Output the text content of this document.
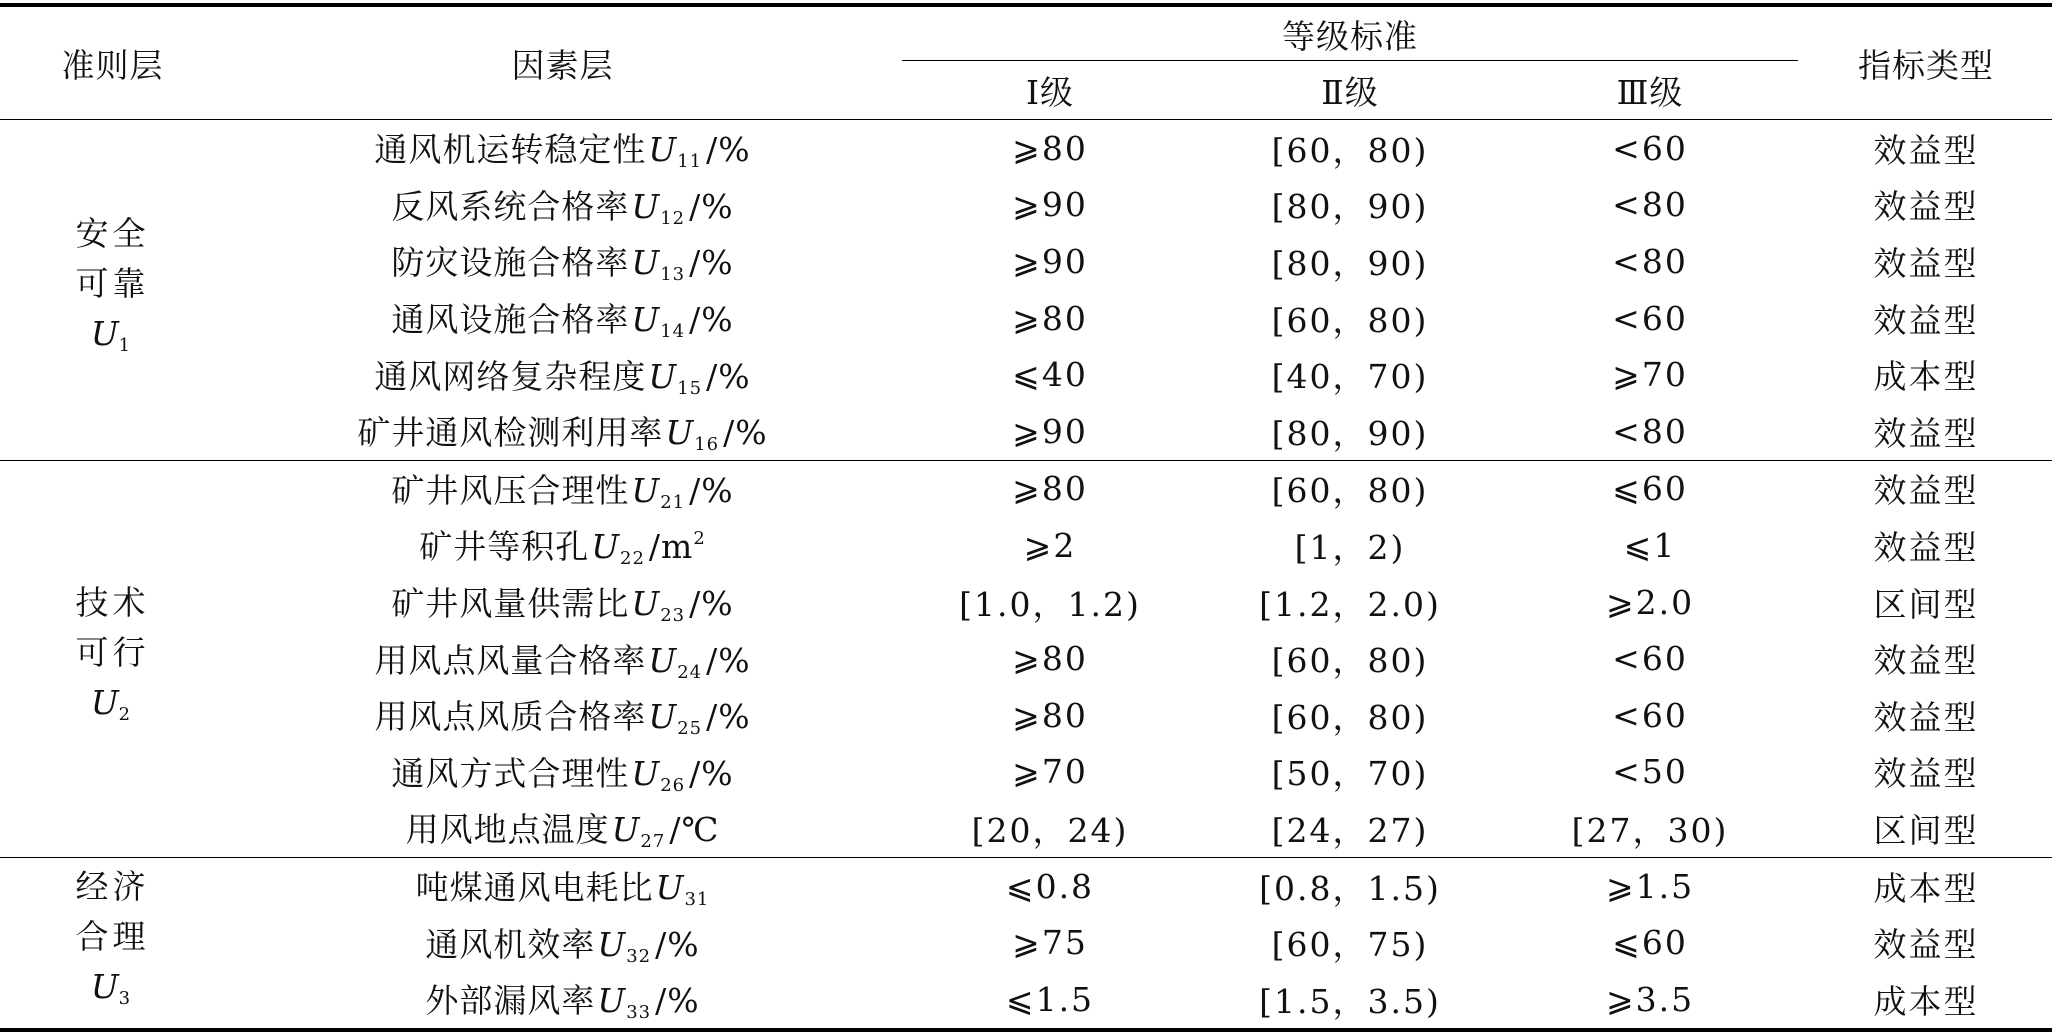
准则层	因素层	等级标准			指标类型
		Ⅰ级	Ⅱ级	Ⅲ级	

安全
可靠
U1	通风机运转稳定性$U_{11}$ /%	⩾80	[60，80)	<60	效益型
	反风系统合格率$U_{12}$ /%	⩾90	[80，90)	<80	效益型
	防灾设施合格率$U_{13}$ /%	⩾90	[80，90)	<80	效益型
	通风设施合格率$U_{14}$ /%	⩾80	[60，80)	<60	效益型
	通风网络复杂程度$U_{15}$ /%	⩽40	[40，70)	⩾70	成本型
	矿井通风检测利用率$U_{16}$ /%	⩾90	[80，90)	<80	效益型

技术
可行
U2	矿井风压合理性$U_{21}$ /%	⩾80	[60，80)	⩽60	效益型
	矿井等积孔$U_{22}$ $/m^2$	⩾2	[1，2)	⩽1	效益型
	矿井风量供需比$U_{23}$ /%	[1.0，1.2)	[1.2，2.0)	⩾2.0	区间型
	用风点风量合格率$U_{24}$ /%	⩾80	[60，80)	<60	效益型
	用风点风质合格率$U_{25}$ /%	⩾80	[60，80)	<60	效益型
	通风方式合理性$U_{26}$ /%	⩾70	[50，70)	<50	效益型
	用风地点温度$U_{27}$ /℃	[20，24)	[24，27)	[27，30)	区间型

经济
合理
U3	吨煤通风电耗比$U_{31}$	⩽0.8	[0.8，1.5)	⩾1.5	成本型
	通风机效率$U_{32}$ /%	⩾75	[60，75)	⩽60	效益型
	外部漏风率$U_{33}$ /%	⩽1.5	[1.5，3.5)	⩾3.5	成本型
